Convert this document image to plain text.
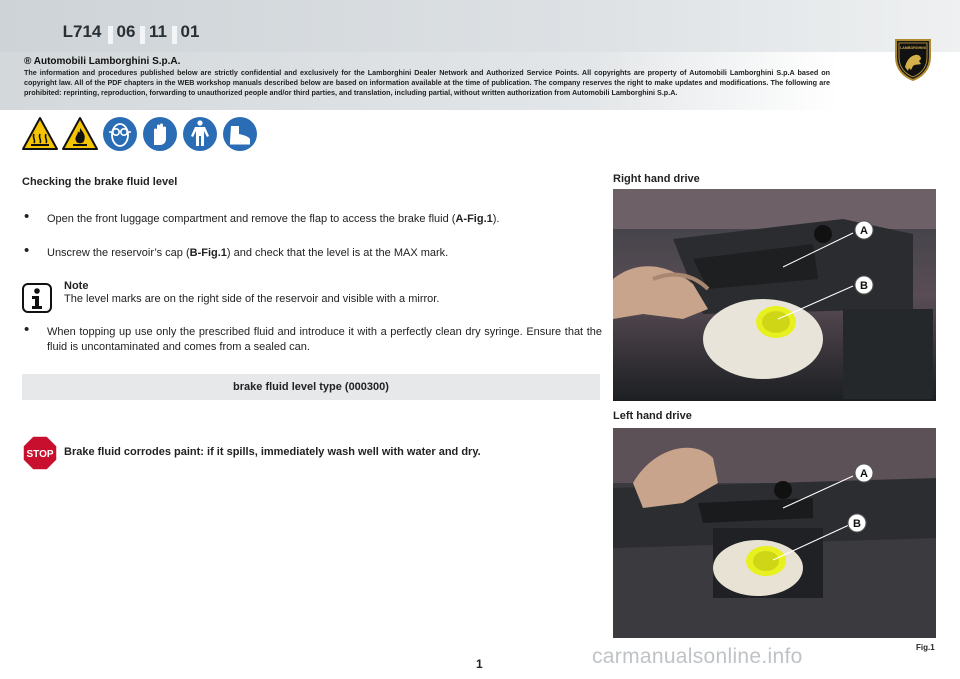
L714 06 11 01
LAMBORGHINI
® Automobili Lamborghini S.p.A.
The information and procedures published below are strictly confidential and exclusively for the Lamborghini Dealer Network and Authorized Service Points. All copyrights are property of Automobili Lamborghini S.p.A based on copyright law. All of the PDF chapters in the WEB workshop manuals described below are based on information available at the time of publication. The company reserves the right to make updates and modifications. The following are prohibited: reprinting, reproduction, forwarding to unauthorized people and/or third parties, and translation, including partial, without written authorization from Automobili Lamborghini S.p.A.
Checking the brake fluid level
• Open the front luggage compartment and remove the flap to access the brake fluid (A-Fig.1).
• Unscrew the reservoir’s cap (B-Fig.1) and check that the level is at the MAX mark.
Note
The level marks are on the right side of the reservoir and visible with a mirror.
• When topping up use only the prescribed fluid and introduce it with a perfectly clean dry syringe. Ensure that the fluid is uncontaminated and comes from a sealed can.
brake fluid level type (000300)
STOP Brake fluid corrodes paint: if it spills, immediately wash well with water and dry.
Right hand drive
A
B
Left hand drive
A
B
Fig.1
carmanualsonline.info
1
